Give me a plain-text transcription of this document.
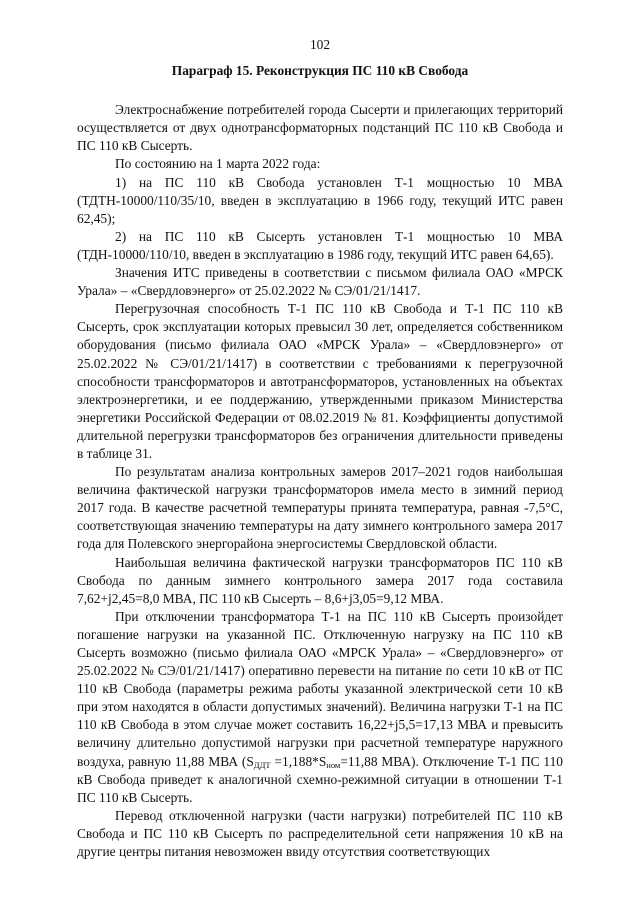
102
Параграф 15. Реконструкция ПС 110 кВ Свобода

Электроснабжение потребителей города Сысерти и прилегающих территорий осуществляется от двух однотрансформаторных подстанций ПС 110 кВ Свобода и ПС 110 кВ Сысерть.

По состоянию на 1 марта 2022 года:

1) на ПС 110 кВ Свобода установлен Т-1 мощностью 10 МВА (ТДТН-10000/110/35/10, введен в эксплуатацию в 1966 году, текущий ИТС равен 62,45);

2) на ПС 110 кВ Сысерть установлен Т-1 мощностью 10 МВА (ТДН-10000/110/10, введен в эксплуатацию в 1986 году, текущий ИТС равен 64,65).

Значения ИТС приведены в соответствии с письмом филиала ОАО «МРСК Урала» – «Свердловэнерго» от 25.02.2022 № СЭ/01/21/1417.

Перегрузочная способность Т-1 ПС 110 кВ Свобода и Т-1 ПС 110 кВ Сысерть, срок эксплуатации которых превысил 30 лет, определяется собственником оборудования (письмо филиала ОАО «МРСК Урала» – «Свердловэнерго» от 25.02.2022 № СЭ/01/21/1417) в соответствии с требованиями к перегрузочной способности трансформаторов и автотрансформаторов, установленных на объектах электроэнергетики, и ее поддержанию, утвержденными приказом Министерства энергетики Российской Федерации от 08.02.2019 № 81. Коэффициенты допустимой длительной перегрузки трансформаторов без ограничения длительности приведены в таблице 31.

По результатам анализа контрольных замеров 2017–2021 годов наибольшая величина фактической нагрузки трансформаторов имела место в зимний период 2017 года. В качестве расчетной температуры принята температура, равная -7,5°С, соответствующая значению температуры на дату зимнего контрольного замера 2017 года для Полевского энергорайона энергосистемы Свердловской области.

Наибольшая величина фактической нагрузки трансформаторов ПС 110 кВ Свобода по данным зимнего контрольного замера 2017 года составила 7,62+j2,45=8,0 МВА, ПС 110 кВ Сысерть – 8,6+j3,05=9,12 МВА.

При отключении трансформатора Т-1 на ПС 110 кВ Сысерть произойдет погашение нагрузки на указанной ПС. Отключенную нагрузку на ПС 110 кВ Сысерть возможно (письмо филиала ОАО «МРСК Урала» – «Свердловэнерго» от 25.02.2022 № СЭ/01/21/1417) оперативно перевести на питание по сети 10 кВ от ПС 110 кВ Свобода (параметры режима работы указанной электрической сети 10 кВ при этом находятся в области допустимых значений). Величина нагрузки Т-1 на ПС 110 кВ Свобода в этом случае может составить 16,22+j5,5=17,13 МВА и превысить величину длительно допустимой нагрузки при расчетной температуре наружного воздуха, равную 11,88 МВА ($S_{ДДТ} =1,188*S_{ном}=11,88$ МВА). Отключение Т-1 ПС 110 кВ Свобода приведет к аналогичной схемно-режимной ситуации в отношении Т-1 ПС 110 кВ Сысерть.

Перевод отключенной нагрузки (части нагрузки) потребителей ПС 110 кВ Свобода и ПС 110 кВ Сысерть по распределительной сети напряжения 10 кВ на другие центры питания невозможен ввиду отсутствия соответствующих
